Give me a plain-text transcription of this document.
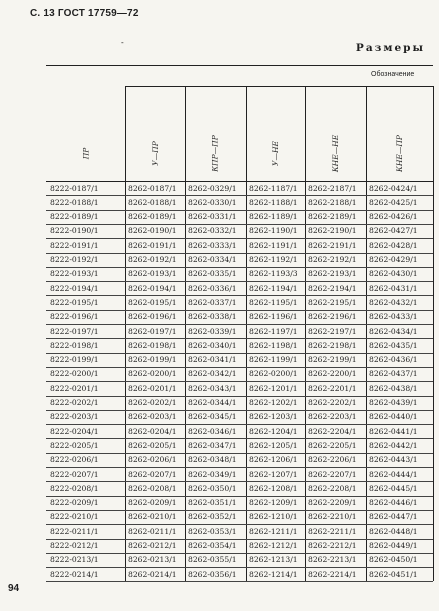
С. 13 ГОСТ 17759—72
-	Размеры
Обозначение
ПР	У—ПР	КПР—ПР	У—НЕ	КНЕ—НЕ	КНЕ—ПР
8222-0187/1	8262-0187/1	8262-0329/1	8262-1187/1	8262-2187/1	8262-0424/1
8222-0188/1	8262-0188/1	8262-0330/1	8262-1188/1	8262-2188/1	8262-0425/1
8222-0189/1	8262-0189/1	8262-0331/1	8262-1189/1	8262-2189/1	8262-0426/1
8222-0190/1	8262-0190/1	8262-0332/1	8262-1190/1	8262-2190/1	8262-0427/1
8222-0191/1	8262-0191/1	8262-0333/1	8262-1191/1	8262-2191/1	8262-0428/1
8222-0192/1	8262-0192/1	8262-0334/1	8262-1192/1	8262-2192/1	8262-0429/1
8222-0193/1	8262-0193/1	8262-0335/1	8262-1193/3	8262-2193/1	8262-0430/1
8222-0194/1	8262-0194/1	8262-0336/1	8262-1194/1	8262-2194/1	8262-0431/1
8222-0195/1	8262-0195/1	8262-0337/1	8262-1195/1	8262-2195/1	8262-0432/1
8222-0196/1	8262-0196/1	8262-0338/1	8262-1196/1	8262-2196/1	8262-0433/1
8222-0197/1	8262-0197/1	8262-0339/1	8262-1197/1	8262-2197/1	8262-0434/1
8222-0198/1	8262-0198/1	8262-0340/1	8262-1198/1	8262-2198/1	8262-0435/1
8222-0199/1	8262-0199/1	8262-0341/1	8262-1199/1	8262-2199/1	8262-0436/1
8222-0200/1	8262-0200/1	8262-0342/1	8262-0200/1	8262-2200/1	8262-0437/1
8222-0201/1	8262-0201/1	8262-0343/1	8262-1201/1	8262-2201/1	8262-0438/1
8222-0202/1	8262-0202/1	8262-0344/1	8262-1202/1	8262-2202/1	8262-0439/1
8222-0203/1	8262-0203/1	8262-0345/1	8262-1203/1	8262-2203/1	8262-0440/1
8222-0204/1	8262-0204/1	8262-0346/1	8262-1204/1	8262-2204/1	8262-0441/1
8222-0205/1	8262-0205/1	8262-0347/1	8262-1205/1	8262-2205/1	8262-0442/1
8222-0206/1	8262-0206/1	8262-0348/1	8262-1206/1	8262-2206/1	8262-0443/1
8222-0207/1	8262-0207/1	8262-0349/1	8262-1207/1	8262-2207/1	8262-0444/1
8222-0208/1	8262-0208/1	8262-0350/1	8262-1208/1	8262-2208/1	8262-0445/1
8222-0209/1	8262-0209/1	8262-0351/1	8262-1209/1	8262-2209/1	8262-0446/1
8222-0210/1	8262-0210/1	8262-0352/1	8262-1210/1	8262-2210/1	8262-0447/1
8222-0211/1	8262-0211/1	8262-0353/1	8262-1211/1	8262-2211/1	8262-0448/1
8222-0212/1	8262-0212/1	8262-0354/1	8262-1212/1	8262-2212/1	8262-0449/1
8222-0213/1	8262-0213/1	8262-0355/1	8262-1213/1	8262-2213/1	8262-0450/1
8222-0214/1	8262-0214/1	8262-0356/1	8262-1214/1	8262-2214/1	8262-0451/1
94
